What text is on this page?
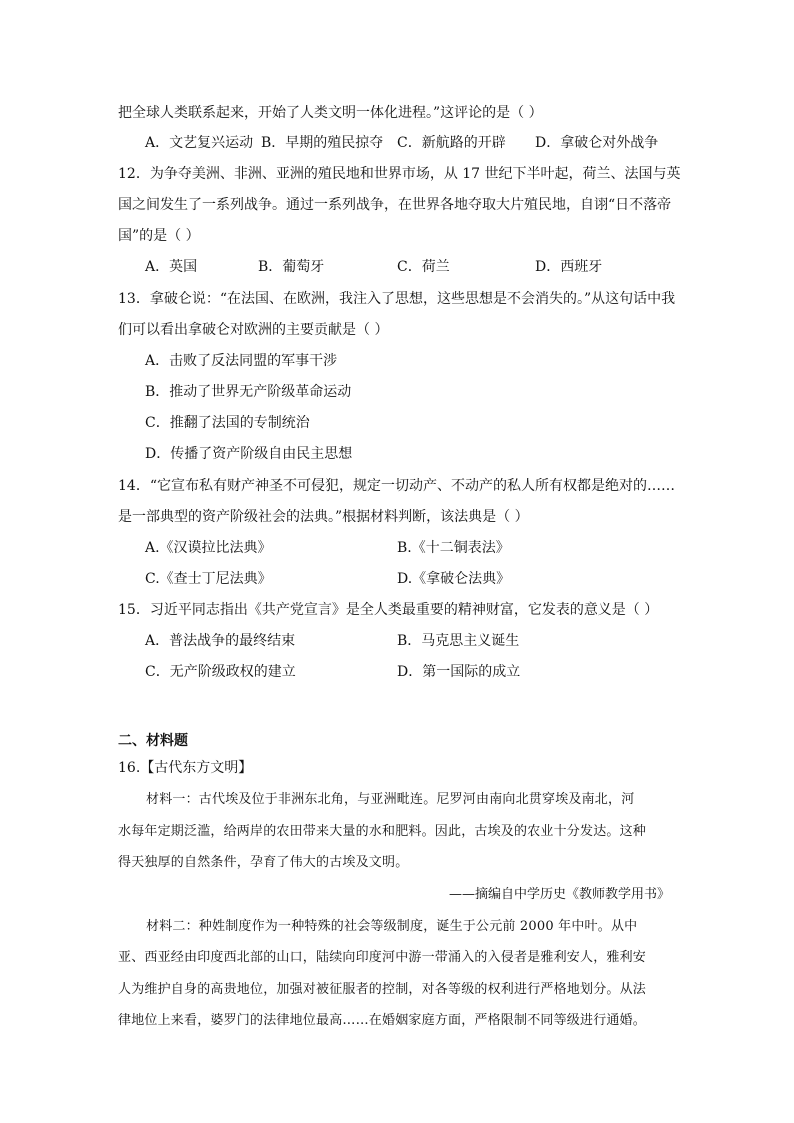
把全球人类联系起来，开始了人类文明一体化进程。”这评论的是（ ）
A．文艺复兴运动 B．早期的殖民掠夺 C．新航路的开辟 D．拿破仑对外战争
12．为争夺美洲、非洲、亚洲的殖民地和世界市场，从 17 世纪下半叶起，荷兰、法国与英
国之间发生了一系列战争。通过一系列战争，在世界各地夺取大片殖民地，自诩“日不落帝
国”的是（ ）
A．英国	B．葡萄牙	C．荷兰	D．西班牙
13．拿破仑说：“在法国、在欧洲，我注入了思想，这些思想是不会消失的。”从这句话中我
们可以看出拿破仑对欧洲的主要贡献是（ ）
A．击败了反法同盟的军事干涉
B．推动了世界无产阶级革命运动
C．推翻了法国的专制统治
D．传播了资产阶级自由民主思想
14．“它宣布私有财产神圣不可侵犯，规定一切动产、不动产的私人所有权都是绝对的……
是一部典型的资产阶级社会的法典。”根据材料判断，该法典是（ ）
A.《汉谟拉比法典》	B.《十二铜表法》
C.《查士丁尼法典》	D.《拿破仑法典》
15．习近平同志指出《共产党宣言》是全人类最重要的精神财富，它发表的意义是（ ）
A．普法战争的最终结束	B．马克思主义诞生
C．无产阶级政权的建立	D．第一国际的成立
二、材料题
16.【古代东方文明】
材料一：古代埃及位于非洲东北角，与亚洲毗连。尼罗河由南向北贯穿埃及南北，河
水每年定期泛滥，给两岸的农田带来大量的水和肥料。因此，古埃及的农业十分发达。这种
得天独厚的自然条件，孕育了伟大的古埃及文明。
——摘编自中学历史《教师教学用书》
材料二：种姓制度作为一种特殊的社会等级制度，诞生于公元前 2000 年中叶。从中
亚、西亚经由印度西北部的山口，陆续向印度河中游一带涌入的入侵者是雅利安人，雅利安
人为维护自身的高贵地位，加强对被征服者的控制，对各等级的权利进行严格地划分。从法
律地位上来看，婆罗门的法律地位最高……在婚姻家庭方面，严格限制不同等级进行通婚。
